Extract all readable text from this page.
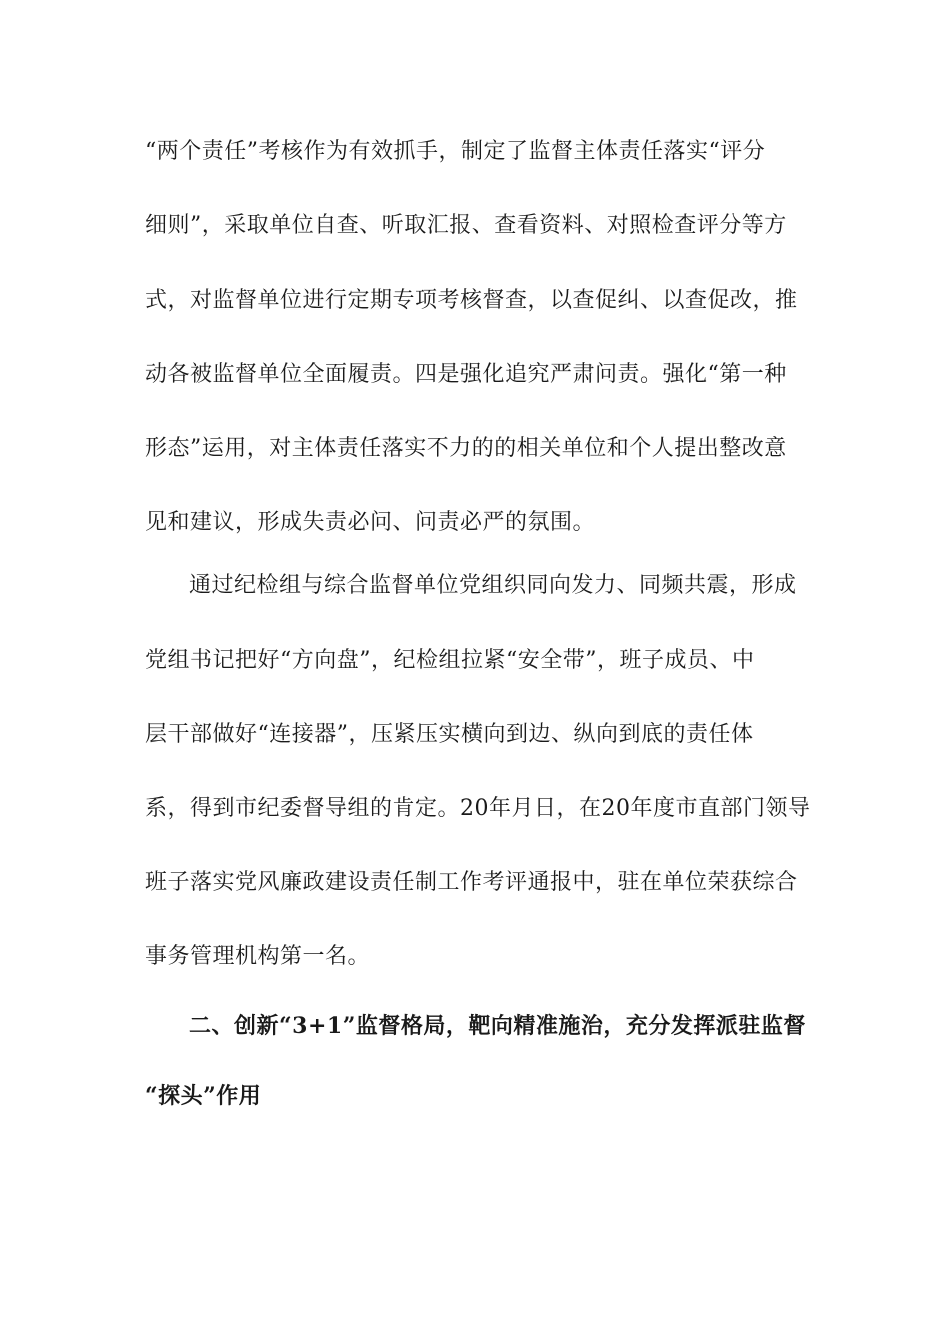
“两个责任”考核作为有效抓手，制定了监督主体责任落实“评分
细则”，采取单位自查、听取汇报、查看资料、对照检查评分等方
式，对监督单位进行定期专项考核督查，以查促纠、以查促改，推
动各被监督单位全面履责。四是强化追究严肃问责。强化“第一种
形态”运用，对主体责任落实不力的的相关单位和个人提出整改意
见和建议，形成失责必问、问责必严的氛围。
通过纪检组与综合监督单位党组织同向发力、同频共震，形成
党组书记把好“方向盘”，纪检组拉紧“安全带”，班子成员、中
层干部做好“连接器”，压紧压实横向到边、纵向到底的责任体
系，得到市纪委督导组的肯定。20年月日，在20年度市直部门领导
班子落实党风廉政建设责任制工作考评通报中，驻在单位荣获综合
事务管理机构第一名。
二、创新“3+1”监督格局，靶向精准施治，充分发挥派驻监督
“探头”作用
